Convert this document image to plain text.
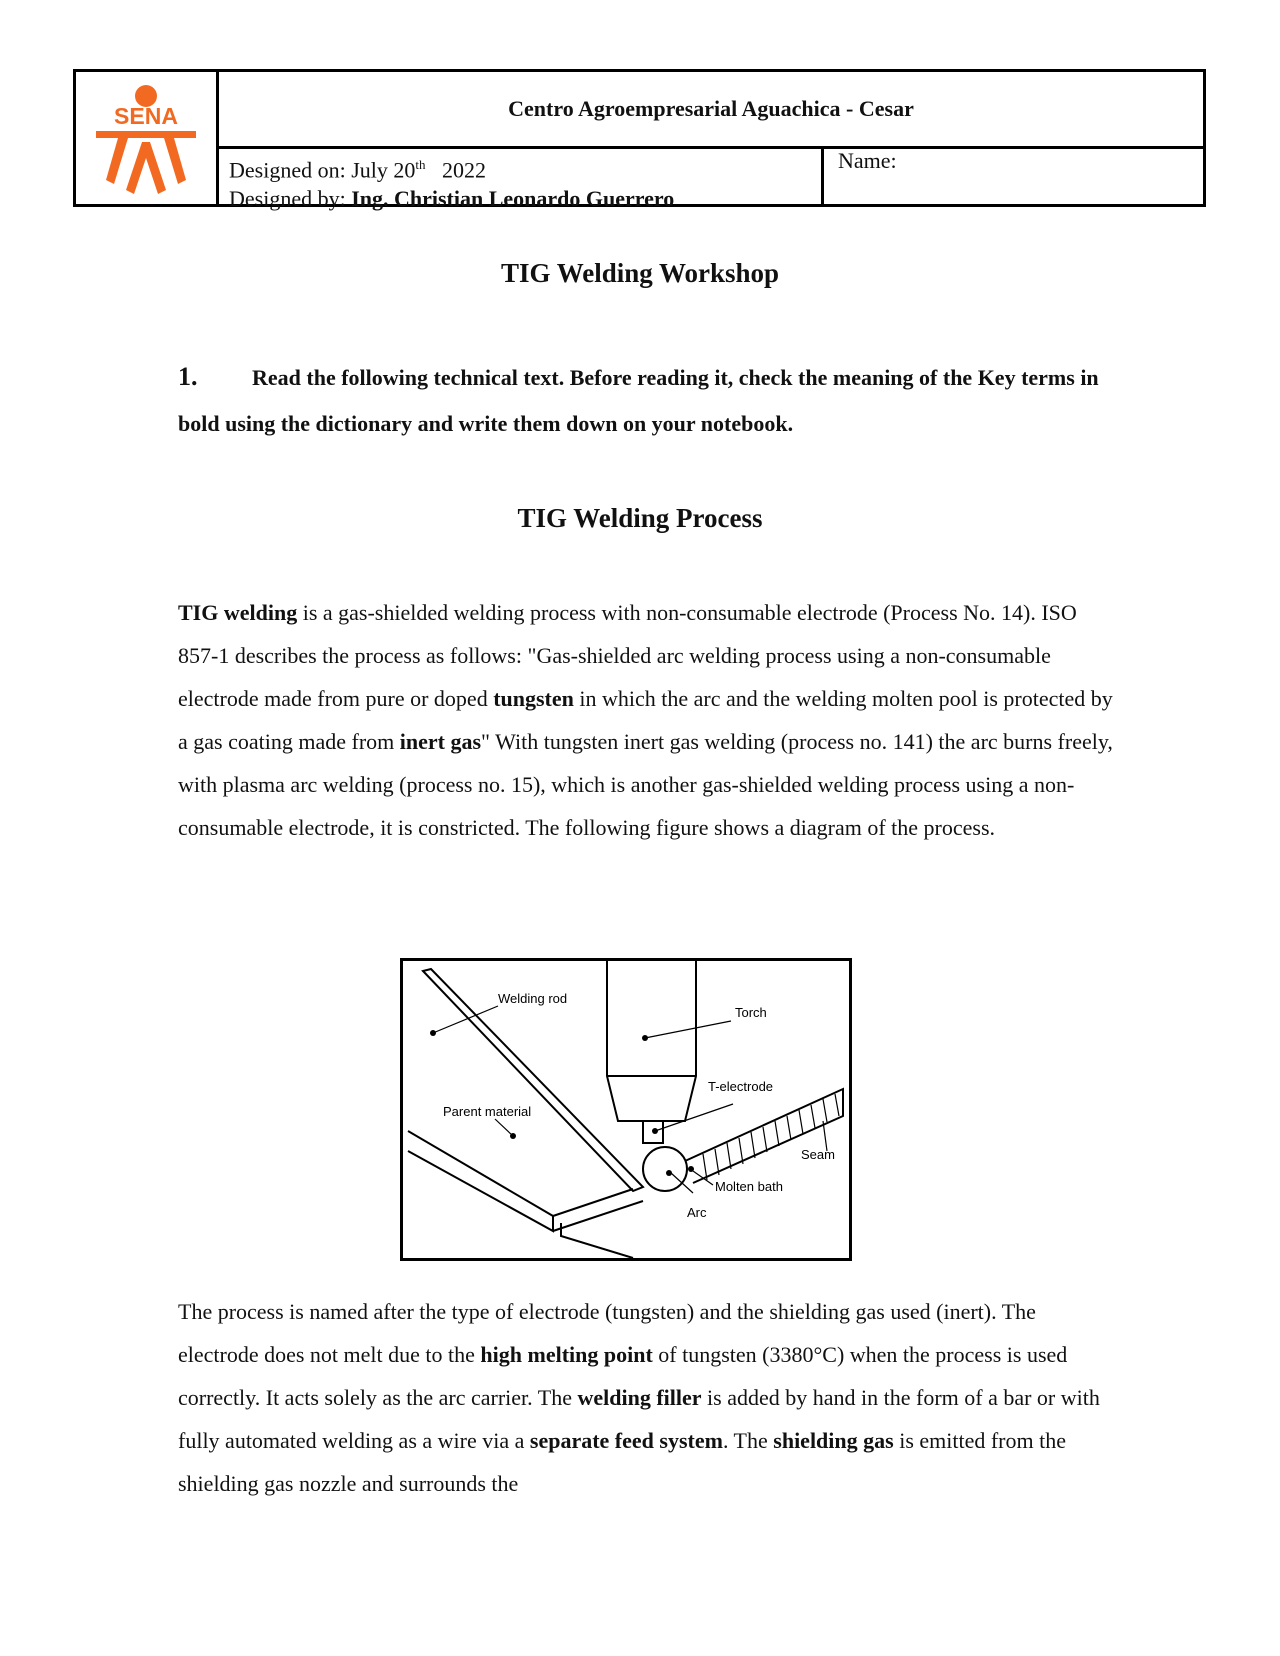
SENA	Centro Agroempresarial Aguachica - Cesar
Designed on: July 20th 2022
Designed by: Ing. Christian Leonardo Guerrero
Name:
TIG Welding Workshop
1. Read the following technical text. Before reading it, check the meaning of the Key terms in bold using the dictionary and write them down on your notebook.
TIG Welding Process
TIG welding is a gas-shielded welding process with non-consumable electrode (Process No. 14). ISO 857-1 describes the process as follows: "Gas-shielded arc welding process using a non-consumable electrode made from pure or doped tungsten in which the arc and the welding molten pool is protected by a gas coating made from inert gas" With tungsten inert gas welding (process no. 141) the arc burns freely, with plasma arc welding (process no. 15), which is another gas-shielded welding process using a non-consumable electrode, it is constricted. The following figure shows a diagram of the process.
Welding rod
Torch
T-electrode
Parent material
Seam
Molten bath
Arc
The process is named after the type of electrode (tungsten) and the shielding gas used (inert). The electrode does not melt due to the high melting point of tungsten (3380°C) when the process is used correctly. It acts solely as the arc carrier. The welding filler is added by hand in the form of a bar or with fully automated welding as a wire via a separate feed system. The shielding gas is emitted from the shielding gas nozzle and surrounds the
